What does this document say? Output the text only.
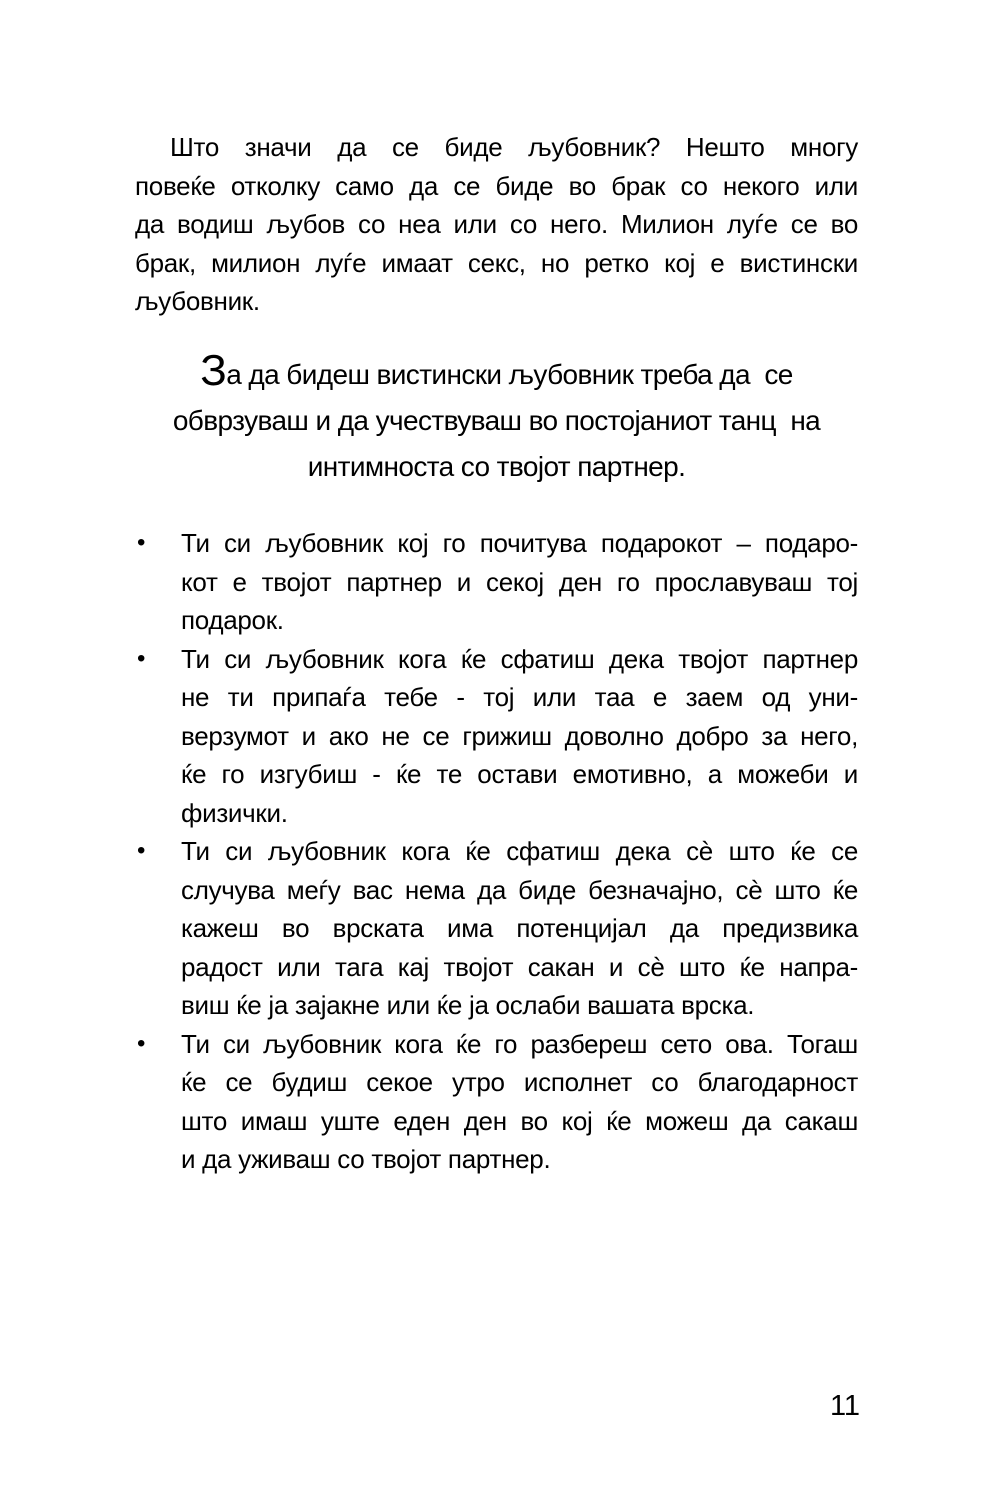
Што значи да се биде љубовник? Нешто многу
повеќе отколку само да се биде во брак со некого или
да водиш љубов со неа или со него. Милион луѓе се во
брак, милион луѓе имаат секс, но ретко кој е вистински
љубовник.
За да бидеш вистински љубовник треба да  се
обврзуваш и да учествуваш во постојаниот танц  на
интимноста со твојот партнер.
•	Ти си љубовник кој го почитува подарокот – подаро-
кот е твојот партнер и секој ден го прославуваш тој
подарок.
•	Ти си љубовник кога ќе сфатиш дека твојот партнер
не ти припаѓа тебе - тој или таа е заем од уни-
верзумот и ако не се грижиш доволно добро за него,
ќе го изгубиш - ќе те остави емотивно, а можеби и
физички.
•	Ти си љубовник кога ќе сфатиш дека сѐ што ќе се
случува меѓу вас нема да биде безначајно, сѐ што ќе
кажеш во врската има потенцијал да предизвика
радост или тага кај твојот сакан и сѐ што ќе напра-
виш ќе ја зајакне или ќе ја ослаби вашата врска.
•	Ти си љубовник кога ќе го разбереш сето ова. Тогаш
ќе се будиш секое утро исполнет со благодарност
што имаш уште еден ден во кој ќе можеш да сакаш
и да уживаш со твојот партнер.
11
